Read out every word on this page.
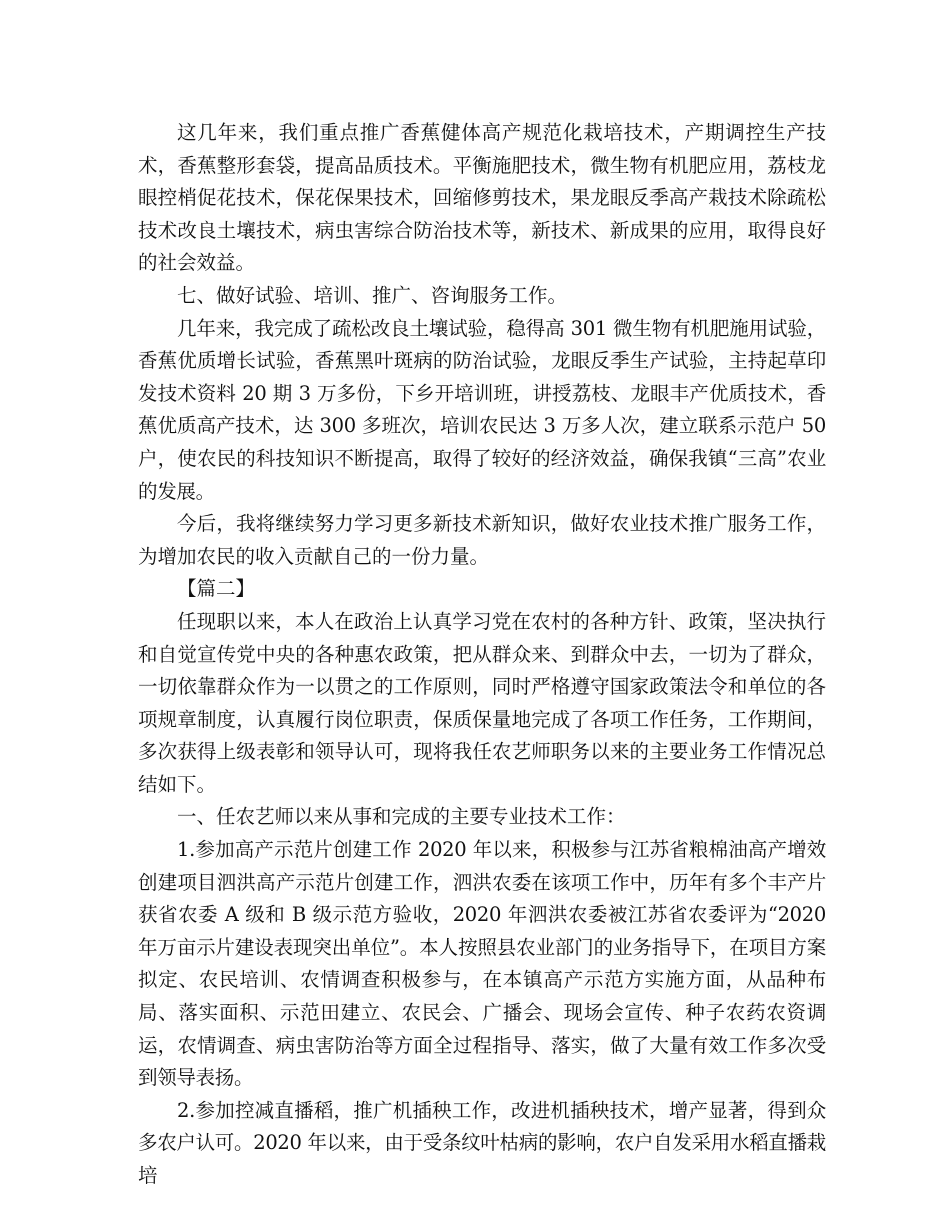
这几年来，我们重点推广香蕉健体高产规范化栽培技术，产期调控生产技术，香蕉整形套袋，提高品质技术。平衡施肥技术，微生物有机肥应用，荔枝龙眼控梢促花技术，保花保果技术，回缩修剪技术，果龙眼反季高产栽技术除疏松技术改良土壤技术，病虫害综合防治技术等，新技术、新成果的应用，取得良好的社会效益。

七、做好试验、培训、推广、咨询服务工作。

几年来，我完成了疏松改良土壤试验，稳得高 301 微生物有机肥施用试验，香蕉优质增长试验，香蕉黑叶斑病的防治试验，龙眼反季生产试验，主持起草印发技术资料 20 期 3 万多份，下乡开培训班，讲授荔枝、龙眼丰产优质技术，香蕉优质高产技术，达 300 多班次，培训农民达 3 万多人次，建立联系示范户 50 户，使农民的科技知识不断提高，取得了较好的经济效益，确保我镇“三高”农业的发展。

今后，我将继续努力学习更多新技术新知识，做好农业技术推广服务工作，为增加农民的收入贡献自己的一份力量。

【篇二】

任现职以来，本人在政治上认真学习党在农村的各种方针、政策，坚决执行和自觉宣传党中央的各种惠农政策，把从群众来、到群众中去，一切为了群众，一切依靠群众作为一以贯之的工作原则，同时严格遵守国家政策法令和单位的各项规章制度，认真履行岗位职责，保质保量地完成了各项工作任务，工作期间，多次获得上级表彰和领导认可，现将我任农艺师职务以来的主要业务工作情况总结如下。

一、任农艺师以来从事和完成的主要专业技术工作：

1.参加高产示范片创建工作 2020 年以来，积极参与江苏省粮棉油高产增效创建项目泗洪高产示范片创建工作，泗洪农委在该项工作中，历年有多个丰产片获省农委 A 级和 B 级示范方验收，2020 年泗洪农委被江苏省农委评为“2020 年万亩示片建设表现突出单位”。本人按照县农业部门的业务指导下，在项目方案拟定、农民培训、农情调查积极参与，在本镇高产示范方实施方面，从品种布局、落实面积、示范田建立、农民会、广播会、现场会宣传、种子农药农资调运，农情调查、病虫害防治等方面全过程指导、落实，做了大量有效工作多次受到领导表扬。

2.参加控减直播稻，推广机插秧工作，改进机插秧技术，增产显著，得到众多农户认可。2020 年以来，由于受条纹叶枯病的影响，农户自发采用水稻直播栽培
